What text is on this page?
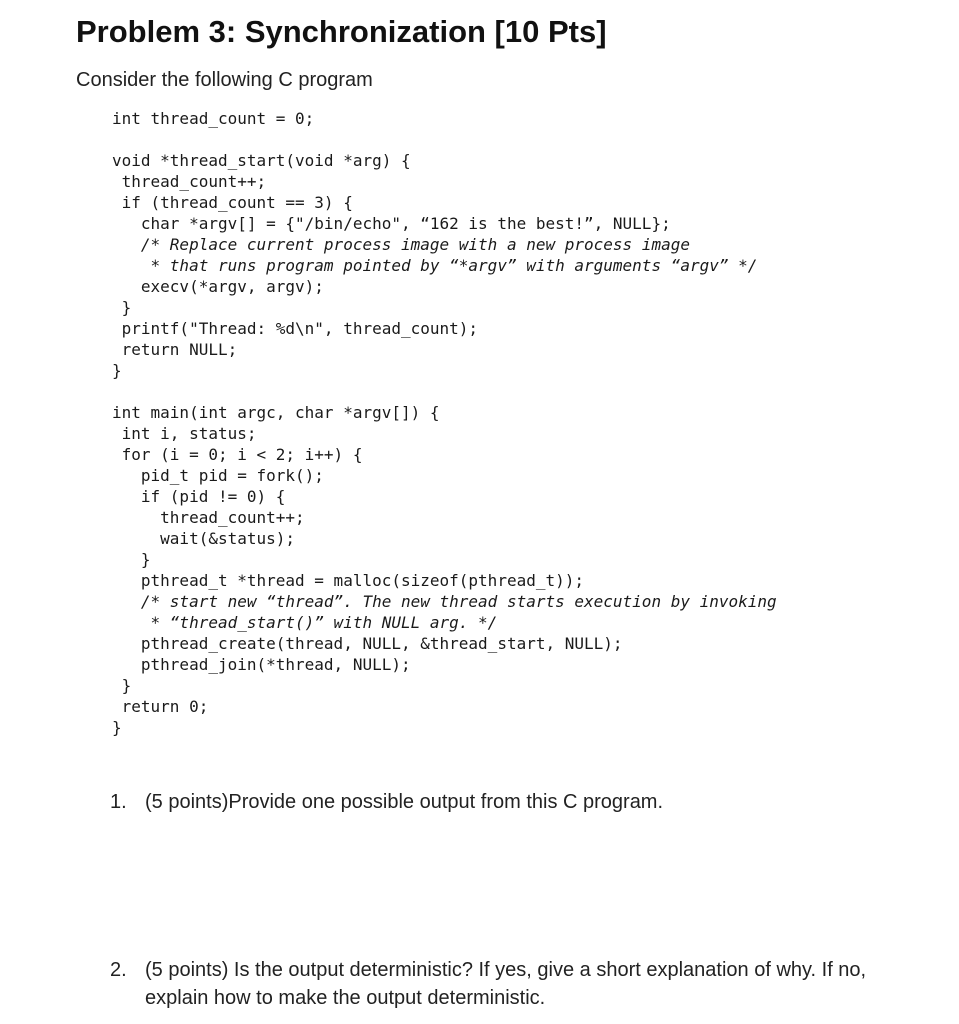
Problem 3: Synchronization [10 Pts]

Consider the following C program

int thread_count = 0;
void *thread_start(void *arg) {
thread_count++;
if (thread_count == 3) {
char *argv[] = {"/bin/echo", “162 is the best!”, NULL};
/* Replace current process image with a new process image
* that runs program pointed by “*argv” with arguments “argv” */
execv(*argv, argv);
}
printf("Thread: %d\n", thread_count);
return NULL;
}
int main(int argc, char *argv[]) {
int i, status;
for (i = 0; i < 2; i++) {
pid_t pid = fork();
if (pid != 0) {
thread_count++;
wait(&status);
}
pthread_t *thread = malloc(sizeof(pthread_t));
/* start new “thread”. The new thread starts execution by invoking
* “thread_start()” with NULL arg. */
pthread_create(thread, NULL, &thread_start, NULL);
pthread_join(*thread, NULL);
}
return 0;
}
1. (5 points)Provide one possible output from this C program.
2. (5 points) Is the output deterministic? If yes, give a short explanation of why. If no, explain how to make the output deterministic.
